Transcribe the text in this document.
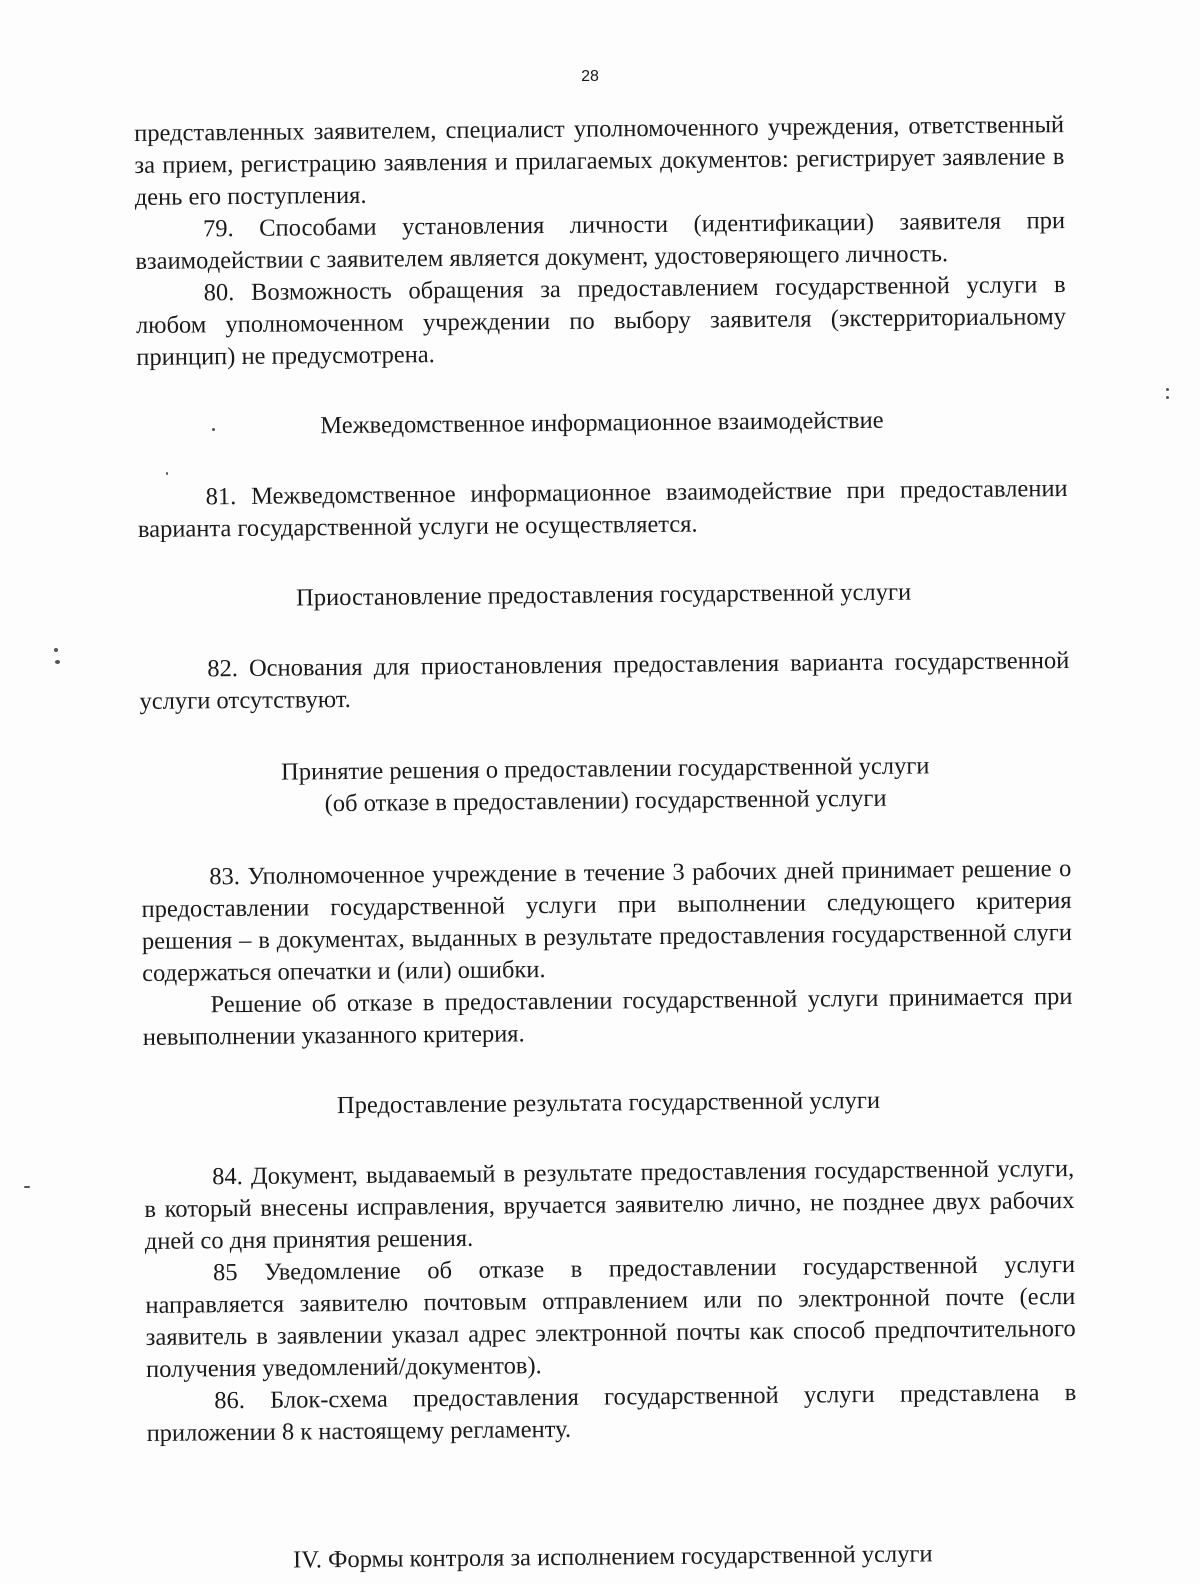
28

представленных заявителем, специалист уполномоченного учреждения, ответственный за прием, регистрацию заявления и прилагаемых документов: регистрирует заявление в день его поступления.

79. Способами установления личности (идентификации) заявителя при взаимодействии с заявителем является документ, удостоверяющего личность.

80. Возможность обращения за предоставлением государственной услуги в любом уполномоченном учреждении по выбору заявителя (экстерриториальному принцип) не предусмотрена.

Межведомственное информационное взаимодействие

81. Межведомственное информационное взаимодействие при предоставлении варианта государственной услуги не осуществляется.

Приостановление предоставления государственной услуги

82. Основания для приостановления предоставления варианта государственной услуги отсутствуют.

Принятие решения о предоставлении государственной услуги
(об отказе в предоставлении) государственной услуги

83. Уполномоченное учреждение в течение 3 рабочих дней принимает решение о предоставлении государственной услуги при выполнении следующего критерия решения – в документах, выданных в результате предоставления государственной слуги содержаться опечатки и (или) ошибки.

Решение об отказе в предоставлении государственной услуги принимается при невыполнении указанного критерия.

Предоставление результата государственной услуги

84. Документ, выдаваемый в результате предоставления государственной услуги, в который внесены исправления, вручается заявителю лично, не позднее двух рабочих дней со дня принятия решения.

85 Уведомление об отказе в предоставлении государственной услуги направляется заявителю почтовым отправлением или по электронной почте (если заявитель в заявлении указал адрес электронной почты как способ предпочтительного получения уведомлений/документов).

86. Блок-схема предоставления государственной услуги представлена в приложении 8 к настоящему регламенту.

IV. Формы контроля за исполнением государственной услуги
